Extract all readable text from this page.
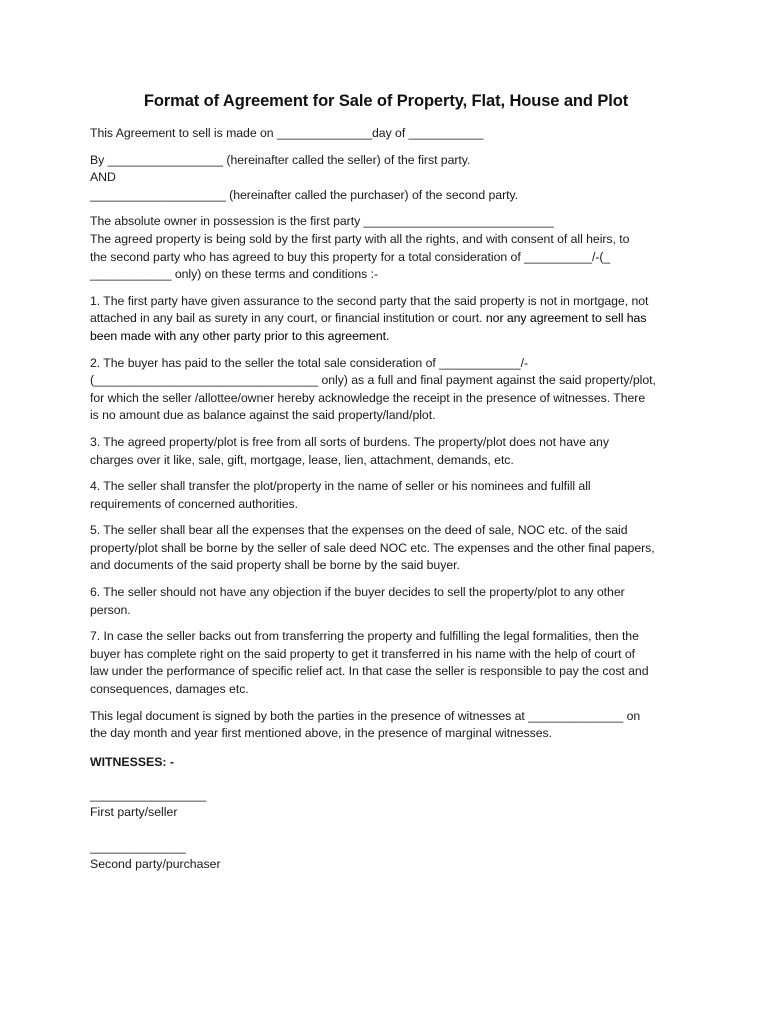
Format of Agreement for Sale of Property, Flat, House and Plot
This Agreement to sell is made on ______________day of ___________
By _________________ (hereinafter called the seller) of the first party.
AND
____________________ (hereinafter called the purchaser) of the second party.
The absolute owner in possession is the first party ____________________________
The agreed property is being sold by the first party with all the rights, and with consent of all heirs, to
the second party who has agreed to buy this property for a total consideration of __________/-(_
____________ only) on these terms and conditions :-
1. The first party have given assurance to the second party that the said property is not in mortgage, not
attached in any bail as surety in any court, or financial institution or court. nor any agreement to sell has
been made with any other party prior to this agreement.
2. The buyer has paid to the seller the total sale consideration of ____________/-
(_________________________________ only) as a full and final payment against the said property/plot,
for which the seller /allottee/owner hereby acknowledge the receipt in the presence of witnesses. There
is no amount due as balance against the said property/land/plot.
3. The agreed property/plot is free from all sorts of burdens. The property/plot does not have any
charges over it like, sale, gift, mortgage, lease, lien, attachment, demands, etc.
4. The seller shall transfer the plot/property in the name of seller or his nominees and fulfill all
requirements of concerned authorities.
5. The seller shall bear all the expenses that the expenses on the deed of sale, NOC etc. of the said
property/plot shall be borne by the seller of sale deed NOC etc. The expenses and the other final papers,
and documents of the said property shall be borne by the said buyer.
6. The seller should not have any objection if the buyer decides to sell the property/plot to any other
person.
7. In case the seller backs out from transferring the property and fulfilling the legal formalities, then the
buyer has complete right on the said property to get it transferred in his name with the help of court of
law under the performance of specific relief act. In that case the seller is responsible to pay the cost and
consequences, damages etc.
This legal document is signed by both the parties in the presence of witnesses at ______________ on
the day month and year first mentioned above, in the presence of marginal witnesses.
WITNESSES: -
_________________
First party/seller
______________
Second party/purchaser
